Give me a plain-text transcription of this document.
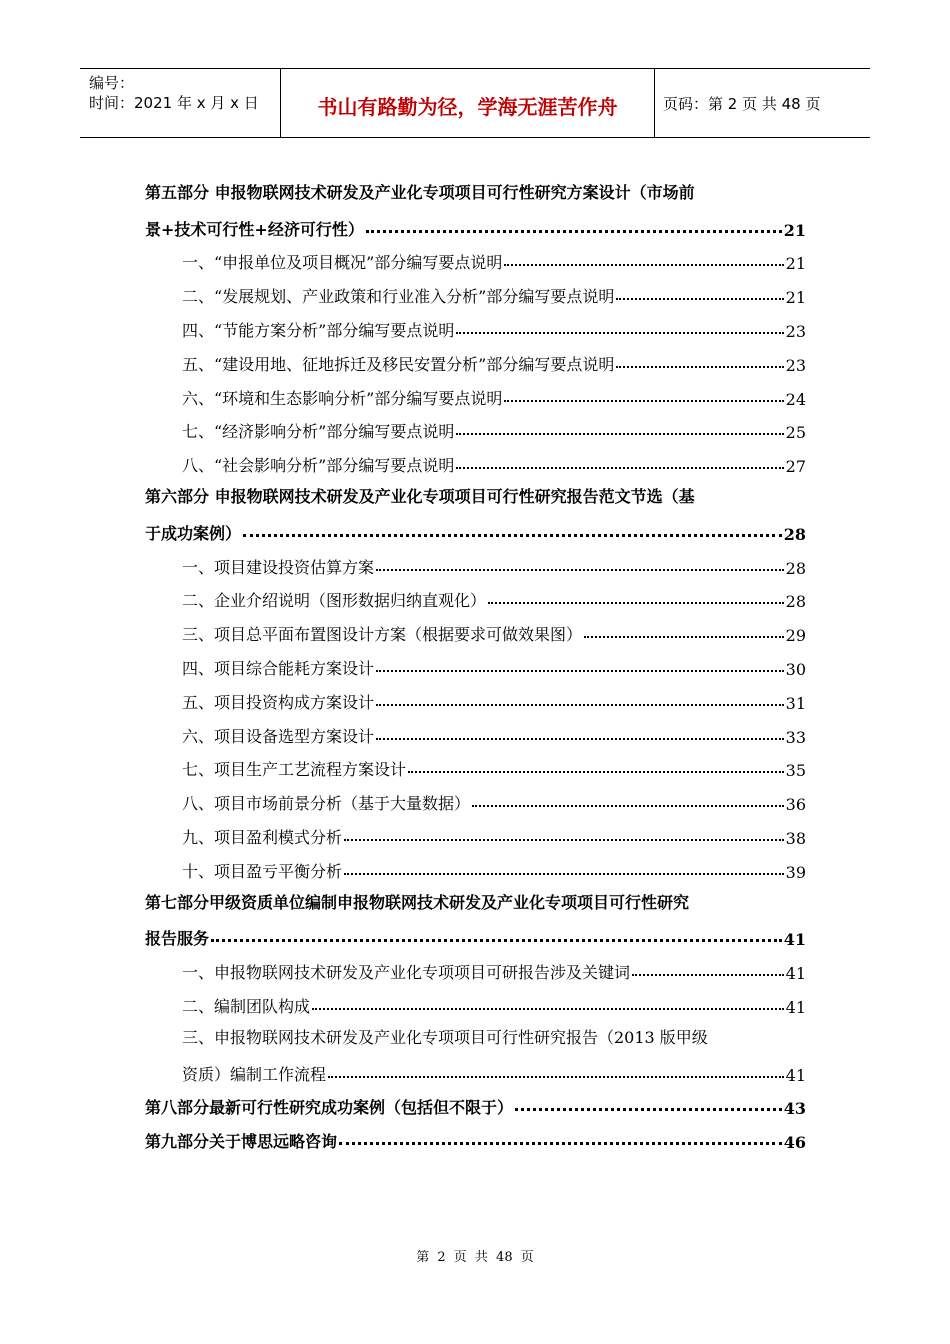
编号：
时间：2021 年 x 月 x 日	书山有路勤为径，学海无涯苦作舟	页码：第 2 页 共 48 页
第五部分 申报物联网技术研发及产业化专项项目可行性研究方案设计（市场前
景+技术可行性+经济可行性）	21
一、“申报单位及项目概况”部分编写要点说明	21
二、“发展规划、产业政策和行业准入分析”部分编写要点说明	21
四、“节能方案分析”部分编写要点说明	23
五、“建设用地、征地拆迁及移民安置分析”部分编写要点说明	23
六、“环境和生态影响分析”部分编写要点说明	24
七、“经济影响分析”部分编写要点说明	25
八、“社会影响分析”部分编写要点说明	27
第六部分 申报物联网技术研发及产业化专项项目可行性研究报告范文节选（基
于成功案例）	28
一、项目建设投资估算方案	28
二、企业介绍说明（图形数据归纳直观化）	28
三、项目总平面布置图设计方案（根据要求可做效果图）	29
四、项目综合能耗方案设计	30
五、项目投资构成方案设计	31
六、项目设备选型方案设计	33
七、项目生产工艺流程方案设计	35
八、项目市场前景分析（基于大量数据）	36
九、项目盈利模式分析	38
十、项目盈亏平衡分析	39
第七部分甲级资质单位编制申报物联网技术研发及产业化专项项目可行性研究
报告服务	41
一、申报物联网技术研发及产业化专项项目可研报告涉及关键词	41
二、编制团队构成	41
三、申报物联网技术研发及产业化专项项目可行性研究报告（2013 版甲级
资质）编制工作流程	41
第八部分最新可行性研究成功案例（包括但不限于）	43
第九部分关于博思远略咨询	46
第 2 页 共 48 页
